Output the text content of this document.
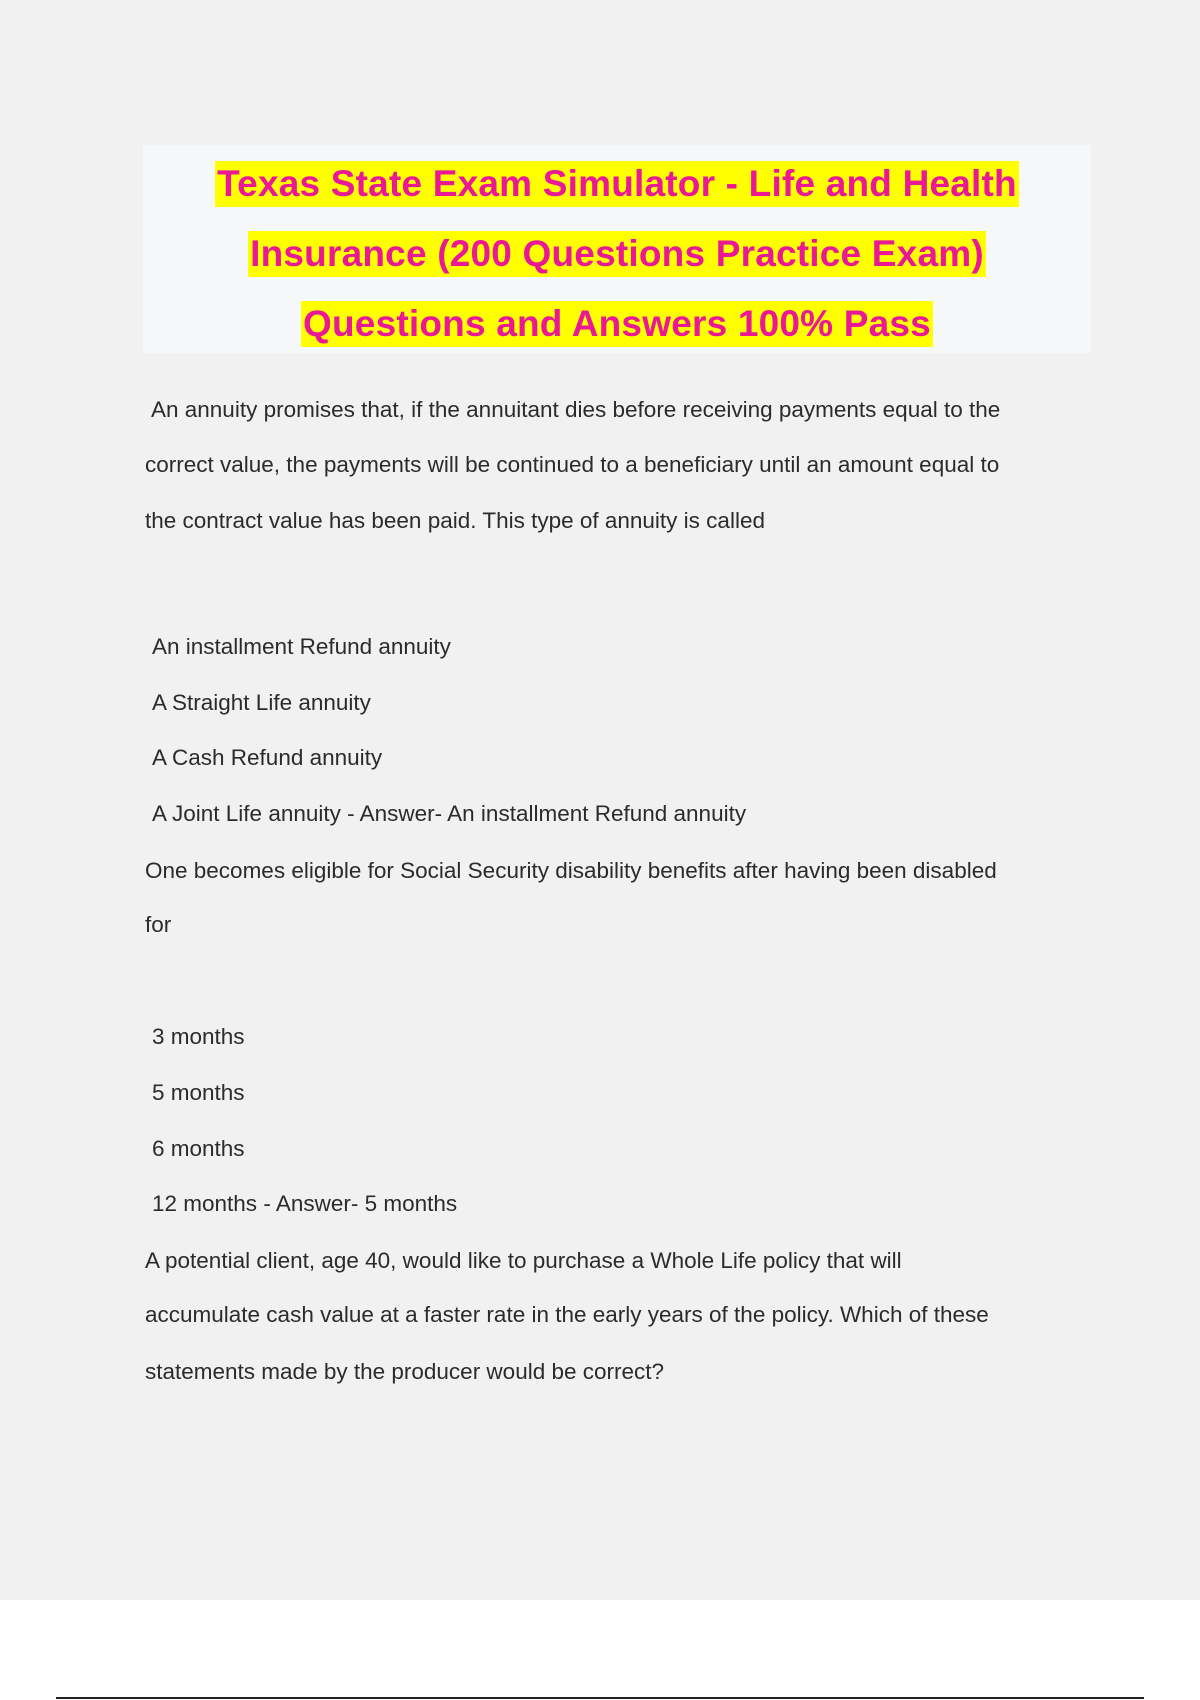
Texas State Exam Simulator - Life and Health
Insurance (200 Questions Practice Exam)
Questions and Answers 100% Pass
An annuity promises that, if the annuitant dies before receiving payments equal to the
correct value, the payments will be continued to a beneficiary until an amount equal to
the contract value has been paid. This type of annuity is called
An installment Refund annuity
A Straight Life annuity
A Cash Refund annuity
A Joint Life annuity - Answer- An installment Refund annuity
One becomes eligible for Social Security disability benefits after having been disabled
for
3 months
5 months
6 months
12 months - Answer- 5 months
A potential client, age 40, would like to purchase a Whole Life policy that will
accumulate cash value at a faster rate in the early years of the policy. Which of these
statements made by the producer would be correct?
